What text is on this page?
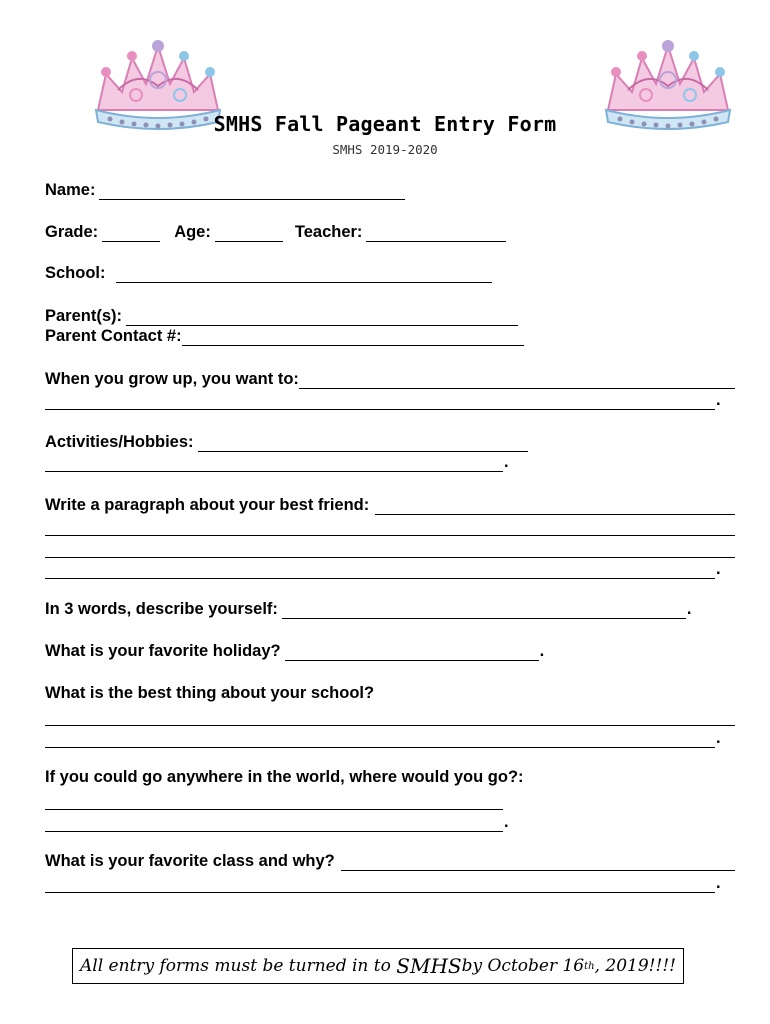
SMHS Fall Pageant Entry Form
SMHS 2019-2020
Name:
Grade:	Age:	Teacher:
School:
Parent(s):
Parent Contact #:
When you grow up, you want to:
.
Activities/Hobbies:
.
Write a paragraph about your best friend:
.
In 3 words, describe yourself:	.
What is your favorite holiday?	.
What is the best thing about your school?
.
If you could go anywhere in the world, where would you go?:
.
What is your favorite class and why?
.
All entry forms must be turned in to
SMHS by October 16 th , 2019!!!!
